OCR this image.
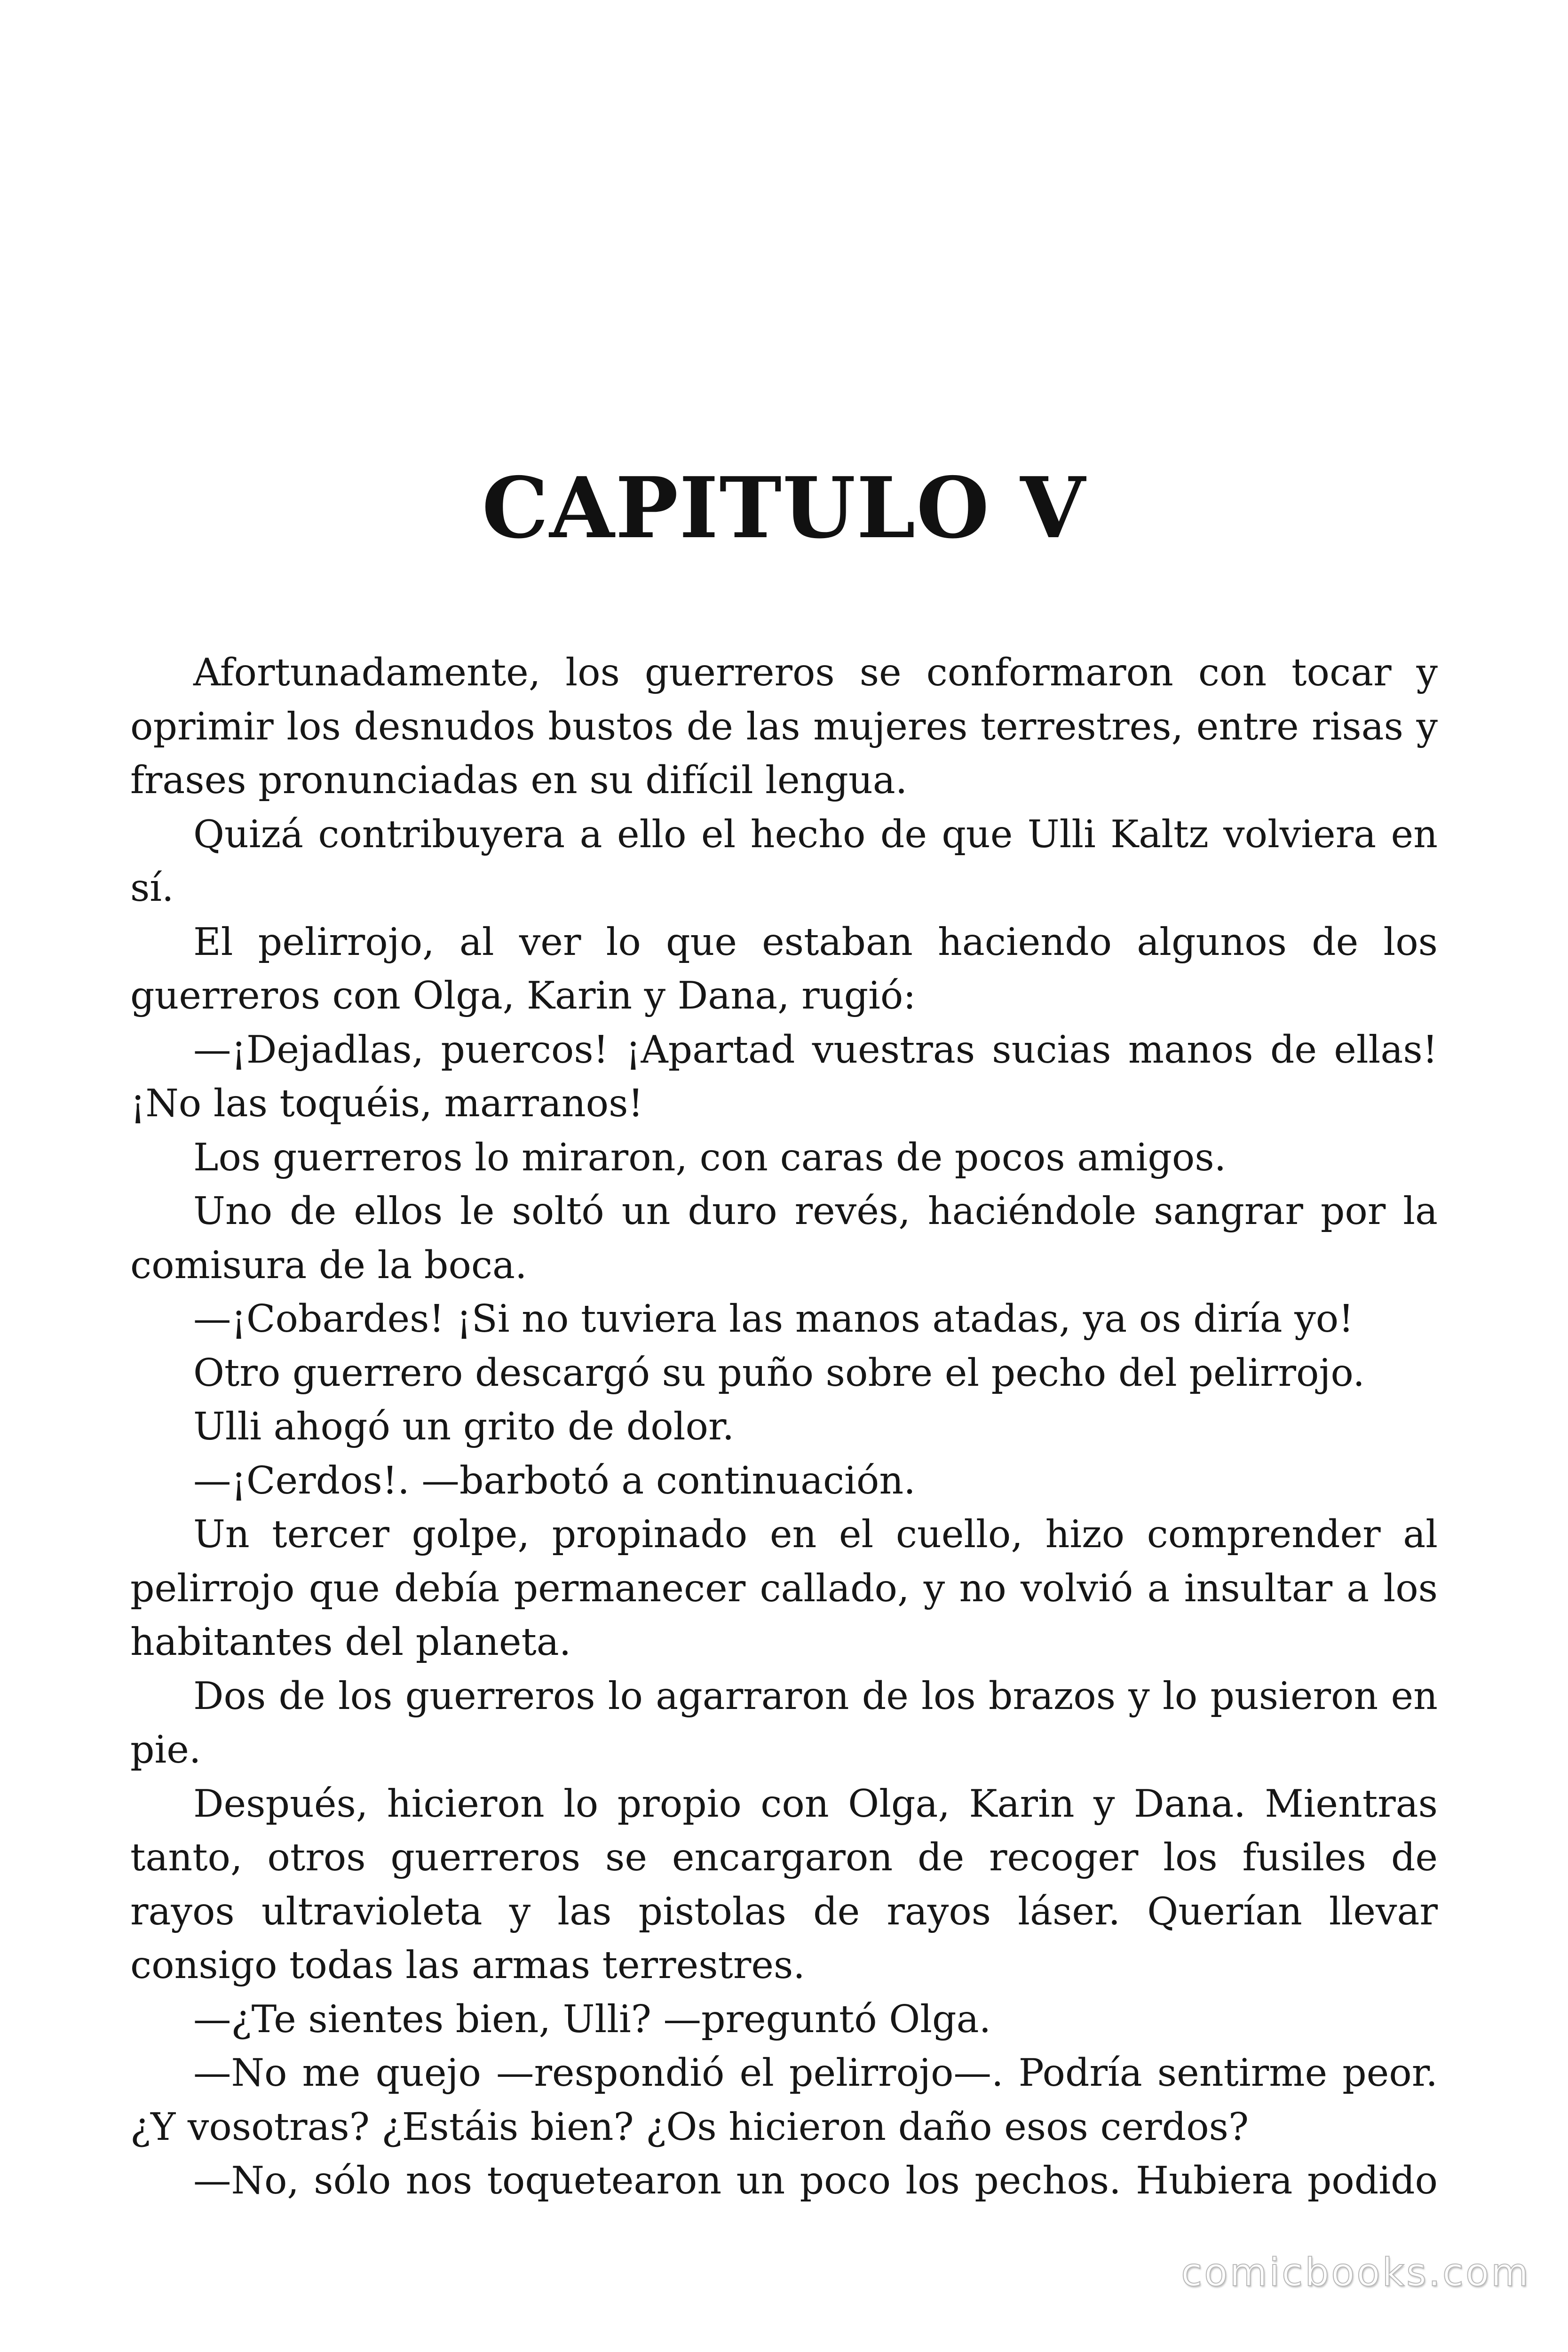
CAPITULO V

Afortunadamente, los guerreros se conformaron con tocar y oprimir los desnudos bustos de las mujeres terrestres, entre risas y frases pronunciadas en su difícil lengua.

Quizá contribuyera a ello el hecho de que Ulli Kaltz volviera en sí.

El pelirrojo, al ver lo que estaban haciendo algunos de los guerreros con Olga, Karin y Dana, rugió:

—¡Dejadlas, puercos! ¡Apartad vuestras sucias manos de ellas! ¡No las toquéis, marranos!

Los guerreros lo miraron, con caras de pocos amigos.

Uno de ellos le soltó un duro revés, haciéndole sangrar por la comisura de la boca.

—¡Cobardes! ¡Si no tuviera las manos atadas, ya os diría yo!

Otro guerrero descargó su puño sobre el pecho del pelirrojo.

Ulli ahogó un grito de dolor.

—¡Cerdos!. —barbotó a continuación.

Un tercer golpe, propinado en el cuello, hizo comprender al pelirrojo que debía permanecer callado, y no volvió a insultar a los habitantes del planeta.

Dos de los guerreros lo agarraron de los brazos y lo pusieron en pie.

Después, hicieron lo propio con Olga, Karin y Dana. Mientras tanto, otros guerreros se encargaron de recoger los fusiles de rayos ultravioleta y las pistolas de rayos láser. Querían llevar consigo todas las armas terrestres.

—¿Te sientes bien, Ulli? —preguntó Olga.

—No me quejo —respondió el pelirrojo—. Podría sentirme peor. ¿Y vosotras? ¿Estáis bien? ¿Os hicieron daño esos cerdos?

—No, sólo nos toquetearon un poco los pechos. Hubiera podido

comicbooks.com
